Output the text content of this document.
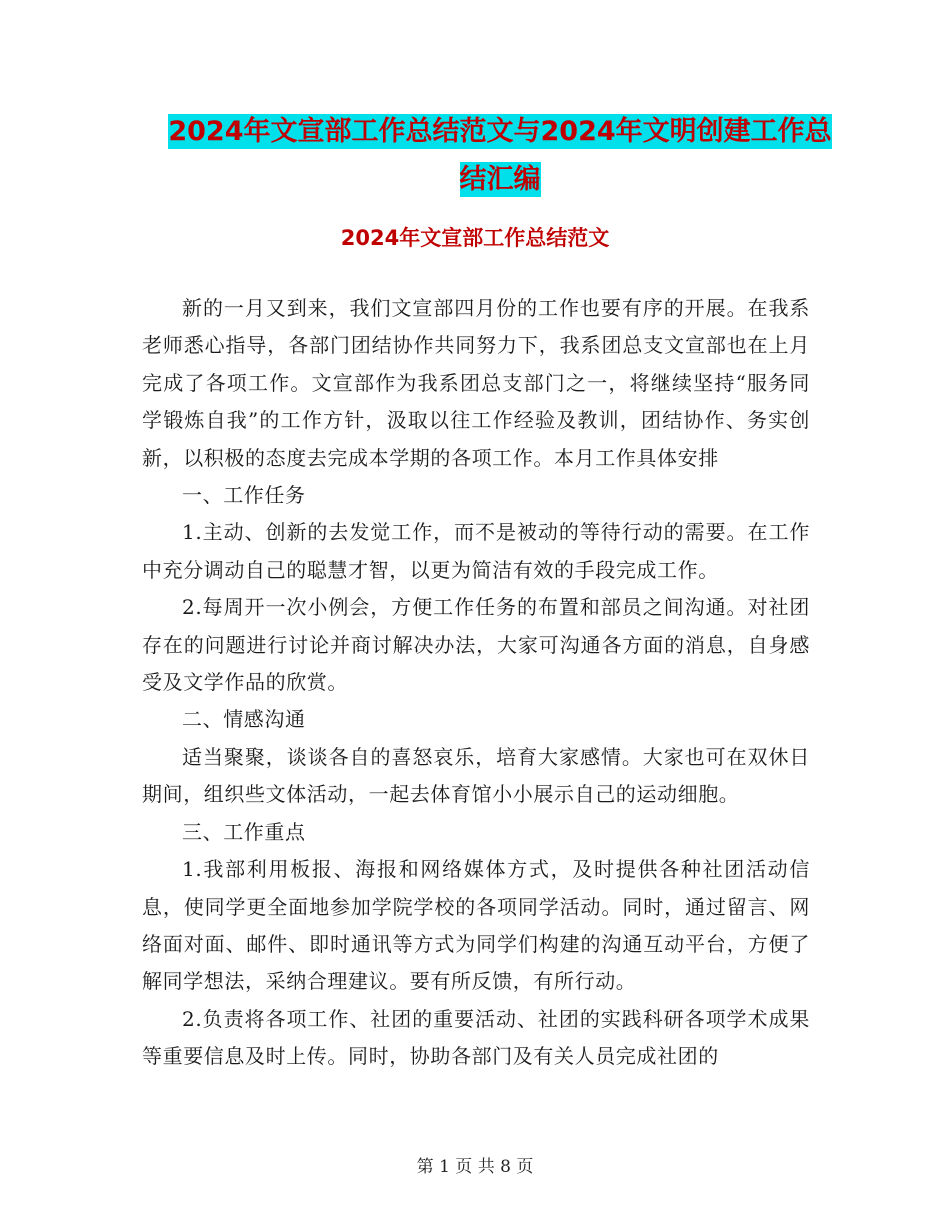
2024年文宣部工作总结范文与2024年文明创建工作总
结汇编
2024年文宣部工作总结范文

新的一月又到来，我们文宣部四月份的工作也要有序的开展。在我系老师悉心指导，各部门团结协作共同努力下，我系团总支文宣部也在上月完成了各项工作。文宣部作为我系团总支部门之一，将继续坚持“服务同学锻炼自我”的工作方针，汲取以往工作经验及教训，团结协作、务实创新，以积极的态度去完成本学期的各项工作。本月工作具体安排

一、工作任务

1.主动、创新的去发觉工作，而不是被动的等待行动的需要。在工作中充分调动自己的聪慧才智，以更为简洁有效的手段完成工作。

2.每周开一次小例会，方便工作任务的布置和部员之间沟通。对社团存在的问题进行讨论并商讨解决办法，大家可沟通各方面的消息，自身感受及文学作品的欣赏。

二、情感沟通

适当聚聚，谈谈各自的喜怒哀乐，培育大家感情。大家也可在双休日期间，组织些文体活动，一起去体育馆小小展示自己的运动细胞。

三、工作重点

1.我部利用板报、海报和网络媒体方式，及时提供各种社团活动信息，使同学更全面地参加学院学校的各项同学活动。同时，通过留言、网络面对面、邮件、即时通讯等方式为同学们构建的沟通互动平台，方便了解同学想法，采纳合理建议。要有所反馈，有所行动。

2.负责将各项工作、社团的重要活动、社团的实践科研各项学术成果等重要信息及时上传。同时，协助各部门及有关人员完成社团的

第 1 页 共 8 页
